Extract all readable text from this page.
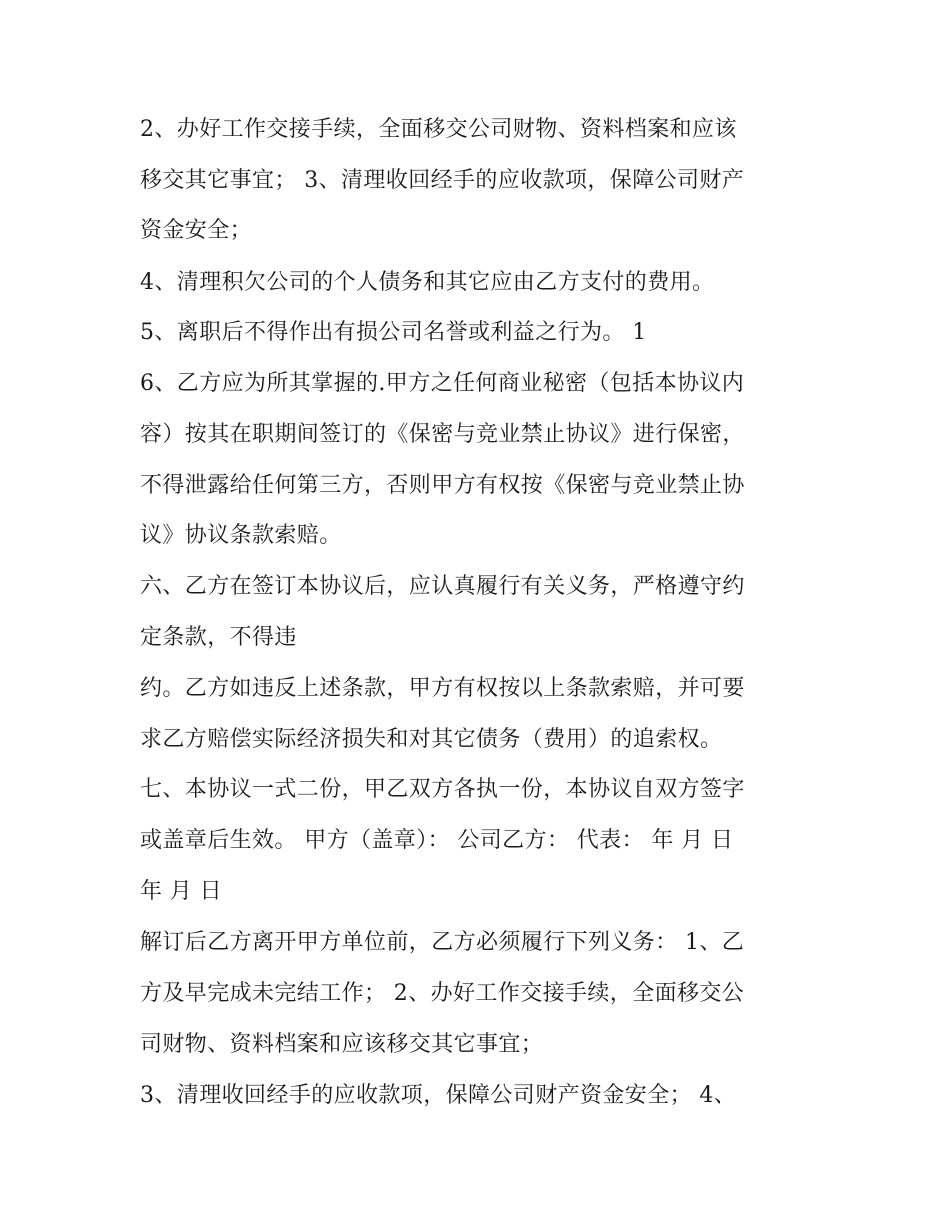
2、办好工作交接手续，全面移交公司财物、资料档案和应该
移交其它事宜； 3、清理收回经手的应收款项，保障公司财产
资金安全；
4、清理积欠公司的个人债务和其它应由乙方支付的费用。
5、离职后不得作出有损公司名誉或利益之行为。 1
6、乙方应为所其掌握的.甲方之任何商业秘密（包括本协议内
容）按其在职期间签订的《保密与竞业禁止协议》进行保密，
不得泄露给任何第三方，否则甲方有权按《保密与竞业禁止协
议》协议条款索赔。
六、乙方在签订本协议后，应认真履行有关义务，严格遵守约
定条款，不得违
约。乙方如违反上述条款，甲方有权按以上条款索赔，并可要
求乙方赔偿实际经济损失和对其它债务（费用）的追索权。
七、本协议一式二份，甲乙双方各执一份，本协议自双方签字
或盖章后生效。 甲方（盖章）： 公司乙方： 代表： 年 月 日
年 月 日
解订后乙方离开甲方单位前，乙方必须履行下列义务： 1、乙
方及早完成未完结工作； 2、办好工作交接手续，全面移交公
司财物、资料档案和应该移交其它事宜；
3、清理收回经手的应收款项，保障公司财产资金安全； 4、
